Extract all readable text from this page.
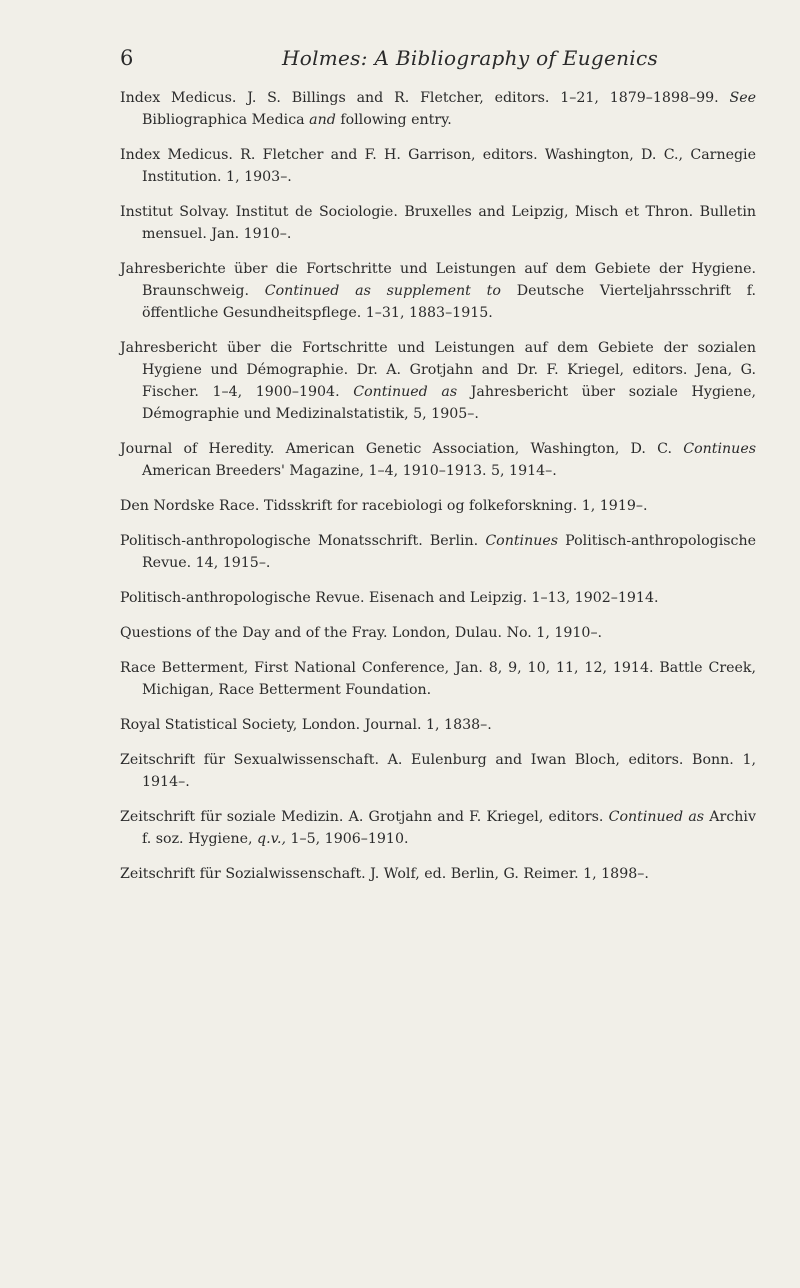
6	Holmes: A Bibliography of Eugenics

Index Medicus. J. S. Billings and R. Fletcher, editors. 1–21, 1879–1898–99. See Bibliographica Medica and following entry.

Index Medicus. R. Fletcher and F. H. Garrison, editors. Washington, D. C., Carnegie Institution. 1, 1903–.

Institut Solvay. Institut de Sociologie. Bruxelles and Leipzig, Misch et Thron. Bulletin mensuel. Jan. 1910–.

Jahresberichte über die Fortschritte und Leistungen auf dem Gebiete der Hygiene. Braunschweig. Continued as supplement to Deutsche Vierteljahrsschrift f. öffentliche Gesundheitspflege. 1–31, 1883–1915.

Jahresbericht über die Fortschritte und Leistungen auf dem Gebiete der sozialen Hygiene und Démographie. Dr. A. Grotjahn and Dr. F. Kriegel, editors. Jena, G. Fischer. 1–4, 1900–1904. Continued as Jahresbericht über soziale Hygiene, Démographie und Medizinalstatistik, 5, 1905–.

Journal of Heredity. American Genetic Association, Washington, D. C. Continues American Breeders' Magazine, 1–4, 1910–1913. 5, 1914–.

Den Nordske Race. Tidsskrift for racebiologi og folkeforskning. 1, 1919–.

Politisch-anthropologische Monatsschrift. Berlin. Continues Politisch-anthropologische Revue. 14, 1915–.

Politisch-anthropologische Revue. Eisenach and Leipzig. 1–13, 1902–1914.

Questions of the Day and of the Fray. London, Dulau. No. 1, 1910–.

Race Betterment, First National Conference, Jan. 8, 9, 10, 11, 12, 1914. Battle Creek, Michigan, Race Betterment Foundation.

Royal Statistical Society, London. Journal. 1, 1838–.

Zeitschrift für Sexualwissenschaft. A. Eulenburg and Iwan Bloch, editors. Bonn. 1, 1914–.

Zeitschrift für soziale Medizin. A. Grotjahn and F. Kriegel, editors. Continued as Archiv f. soz. Hygiene, q.v., 1–5, 1906–1910.

Zeitschrift für Sozialwissenschaft. J. Wolf, ed. Berlin, G. Reimer. 1, 1898–.
